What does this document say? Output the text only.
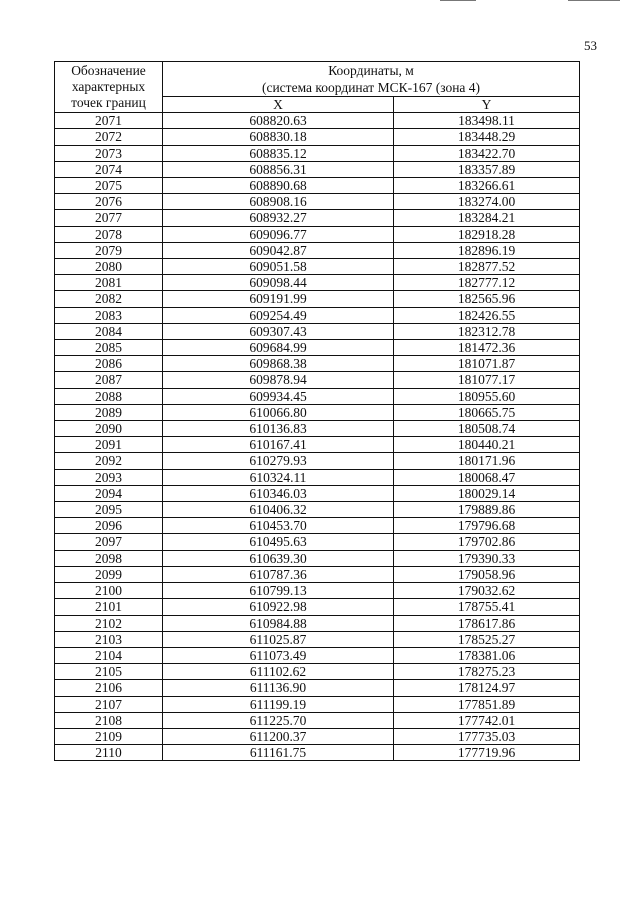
53
Обозначение
характерных
точек границ	Координаты, м
(система координат МСК-167 (зона 4)	

	X	Y
2071	608820.63	183498.11
2072	608830.18	183448.29
2073	608835.12	183422.70
2074	608856.31	183357.89
2075	608890.68	183266.61
2076	608908.16	183274.00
2077	608932.27	183284.21
2078	609096.77	182918.28
2079	609042.87	182896.19
2080	609051.58	182877.52
2081	609098.44	182777.12
2082	609191.99	182565.96
2083	609254.49	182426.55
2084	609307.43	182312.78
2085	609684.99	181472.36
2086	609868.38	181071.87
2087	609878.94	181077.17
2088	609934.45	180955.60
2089	610066.80	180665.75
2090	610136.83	180508.74
2091	610167.41	180440.21
2092	610279.93	180171.96
2093	610324.11	180068.47
2094	610346.03	180029.14
2095	610406.32	179889.86
2096	610453.70	179796.68
2097	610495.63	179702.86
2098	610639.30	179390.33
2099	610787.36	179058.96
2100	610799.13	179032.62
2101	610922.98	178755.41
2102	610984.88	178617.86
2103	611025.87	178525.27
2104	611073.49	178381.06
2105	611102.62	178275.23
2106	611136.90	178124.97
2107	611199.19	177851.89
2108	611225.70	177742.01
2109	611200.37	177735.03
2110	611161.75	177719.96
